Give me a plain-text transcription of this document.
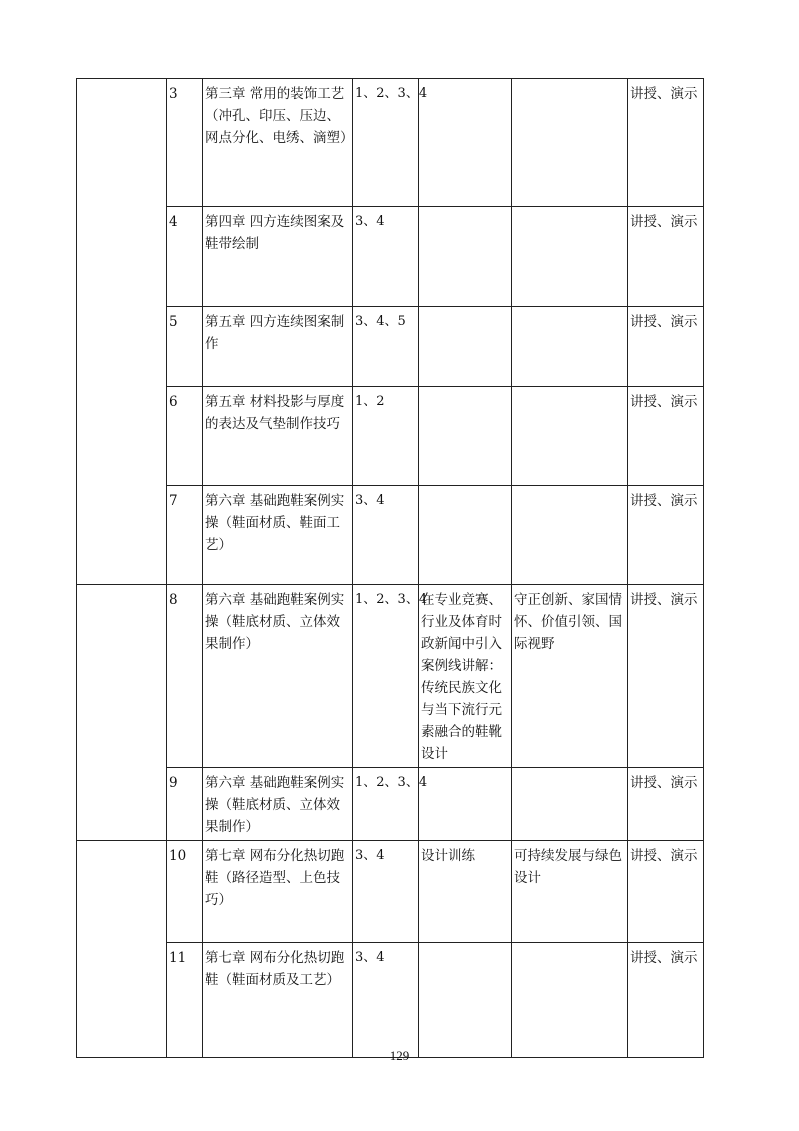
	3	第三章 常用的装饰工艺（冲孔、印压、压边、网点分化、电绣、滴塑）	1、2、3、4			讲授、演示
	4	第四章 四方连续图案及鞋带绘制	3、4			讲授、演示
	5	第五章 四方连续图案制作	3、4、5			讲授、演示
	6	第五章 材料投影与厚度的表达及气垫制作技巧	1、2			讲授、演示
	7	第六章 基础跑鞋案例实操（鞋面材质、鞋面工艺）	3、4			讲授、演示
	8	第六章 基础跑鞋案例实操（鞋底材质、立体效果制作）	1、2、3、4	在专业竞赛、行业及体育时政新闻中引入案例线讲解：传统民族文化与当下流行元素融合的鞋靴设计	守正创新、家国情怀、价值引领、国际视野	讲授、演示
	9	第六章 基础跑鞋案例实操（鞋底材质、立体效果制作）	1、2、3、4			讲授、演示
	10	第七章 网布分化热切跑鞋（路径造型、上色技巧）	3、4	设计训练	可持续发展与绿色设计	讲授、演示
	11	第七章 网布分化热切跑鞋（鞋面材质及工艺）	3、4			讲授、演示
129
